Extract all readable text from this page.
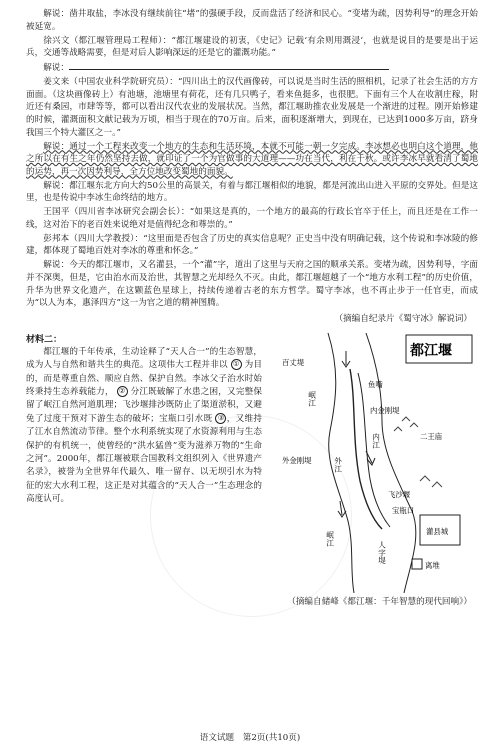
解说：凿井取盐，李冰没有继续前往“堵”的强硬手段，反而盘活了经济和民心。“变堵为疏，因势利导”的理念开始被延宽。

徐兴文（都江堰管理局工程师）：“都江堰建设的初衷，《史记》记载‘有余则用溉浸’，也就是说目的是要是出于运兵，交通等战略需要，但是对后人影响深远的还是它的灌溉功能。”

解说：

姜文来（中国农业科学院研究员）：“四川出土的汉代画像砖，可以说是当时生活的照相机，记录了社会生活的方方面面。（这块画像砖上）有池塘，池塘里有荷花，还有几只鸭子，看来鱼挺多，也很肥。下面有三个人在收割庄稼，附近还有桑园，市肆等等，都可以看出汉代农业的发展状况。当然，都江堰助推农业发展是一个渐进的过程。刚开始修建的时候，灌溉面积文献记载为万顷，相当于现在的70万亩。后来，面积逐渐增大，到现在，已达到1000多万亩，跻身我国三个特大灌区之一。”

解说：通过一个工程来改变一个地方的生态和生活环境，本就不可能一朝一夕完成。李冰想必也明白这个道理，他之所以在有生之年仍然坚持去做，就印证了一个为官做事的大道理——功在当代，利在千秋。或许李冰早就看清了蜀地的运势，再一次因势利导，全方位地改变蜀地的面貌。

解说：都江堰东北方向大约50公里的高景关，有着与都江堰相似的地貌，都是河流出山进入平原的交界处。但是这里，也是传说中李冰生命终结的地方。

王国平（四川省李冰研究会副会长）：“如果这是真的，一个地方的最高的行政长官卒于任上，而且还是在工作一线，这对治下的老百姓来说绝对是值得纪念和尊崇的。”

彭邦本（四川大学教授）：“这里面是否包含了历史的真实信息呢？正史当中没有明确记载，这个传说和李冰陵的修建，都体现了蜀地百姓对李冰的尊重和怀念。”

解说：今天的都江堰市，又名灌县，一个“灌”字，道出了这里与天府之国的顺承关系。变堵为疏，因势利导，字面并不深奥，但是，它由治水而及治世，其智慧之光却经久不灭。由此，都江堰超越了一个“地方水利工程”的历史价值，升华为世界文化遗产，在这颗蓝色星球上，持续传递着古老的东方哲学。蜀守李冰，也不再止步于一任官吏，而成为“以人为本，惠泽四方”这一为官之道的精神图腾。

（摘编自纪录片《蜀守冰》解说词）

材料二：

都江堰的千年传承，生动诠释了“天人合一”的生态智慧，成为人与自然和谐共生的典范。这项伟大工程并非以 ① 为目的，而是尊重自然、顺应自然、保护自然。李冰父子治水时始终秉持生态养载能力， ② 分江既破解了水患之困，又完整保留了岷江自然河道肌理；飞沙堰排沙既防止了渠道淤积，又避免了过度干预对下游生态的破坏；宝瓶口引水既 ③ ，又维持了江水自然流动节律。整个水利系统实现了水资源利用与生态保护的有机统一，使曾经的“洪水猛兽”变为滋养万物的“生命之河”。2000年，都江堰被联合国教科文组织列入《世界遗产名录》，被誉为全世界年代最久、唯一留存、以无坝引水为特征的宏大水利工程，这正是对其蕴含的“天人合一”生态理念的高度认可。

都江堰
百丈堤
岷江
鱼嘴
内金刚堤
外金刚堤
二王庙
内江
外江
飞沙堰
宝瓶口
灌县城
离堆
人字堤
岷江
（摘编自储峰《都江堰：千年智慧的现代回响》）
语文试题　第2页(共10页)
